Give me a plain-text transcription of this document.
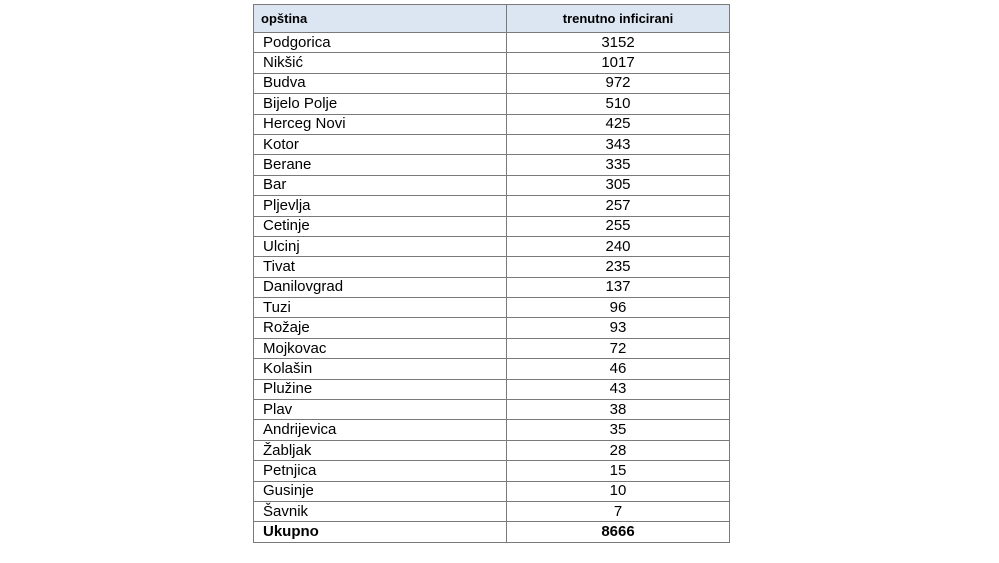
opština	trenutno inficirani
Podgorica	3152
Nikšić	1017
Budva	972
Bijelo Polje	510
Herceg Novi	425
Kotor	343
Berane	335
Bar	305
Pljevlja	257
Cetinje	255
Ulcinj	240
Tivat	235
Danilovgrad	137
Tuzi	96
Rožaje	93
Mojkovac	72
Kolašin	46
Plužine	43
Plav	38
Andrijevica	35
Žabljak	28
Petnjica	15
Gusinje	10
Šavnik	7
Ukupno	8666
